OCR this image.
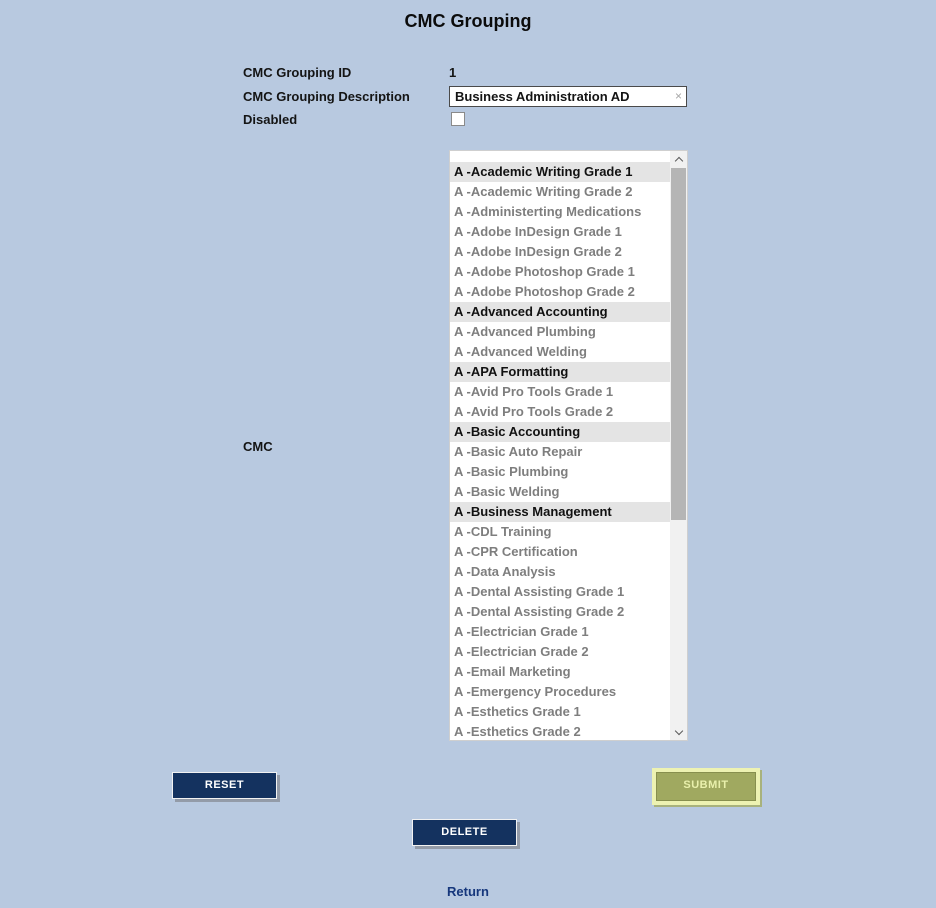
CMC Grouping
CMC Grouping ID	1
CMC Grouping Description
Business Administration AD	×
Disabled
CMC
A -Academic Writing Grade 1
A -Academic Writing Grade 2
A -Administerting Medications
A -Adobe InDesign Grade 1
A -Adobe InDesign Grade 2
A -Adobe Photoshop Grade 1
A -Adobe Photoshop Grade 2
A -Advanced Accounting
A -Advanced Plumbing
A -Advanced Welding
A -APA Formatting
A -Avid Pro Tools Grade 1
A -Avid Pro Tools Grade 2
A -Basic Accounting
A -Basic Auto Repair
A -Basic Plumbing
A -Basic Welding
A -Business Management
A -CDL Training
A -CPR Certification
A -Data Analysis
A -Dental Assisting Grade 1
A -Dental Assisting Grade 2
A -Electrician Grade 1
A -Electrician Grade 2
A -Email Marketing
A -Emergency Procedures
A -Esthetics Grade 1
A -Esthetics Grade 2
RESET	SUBMIT
DELETE
Return
